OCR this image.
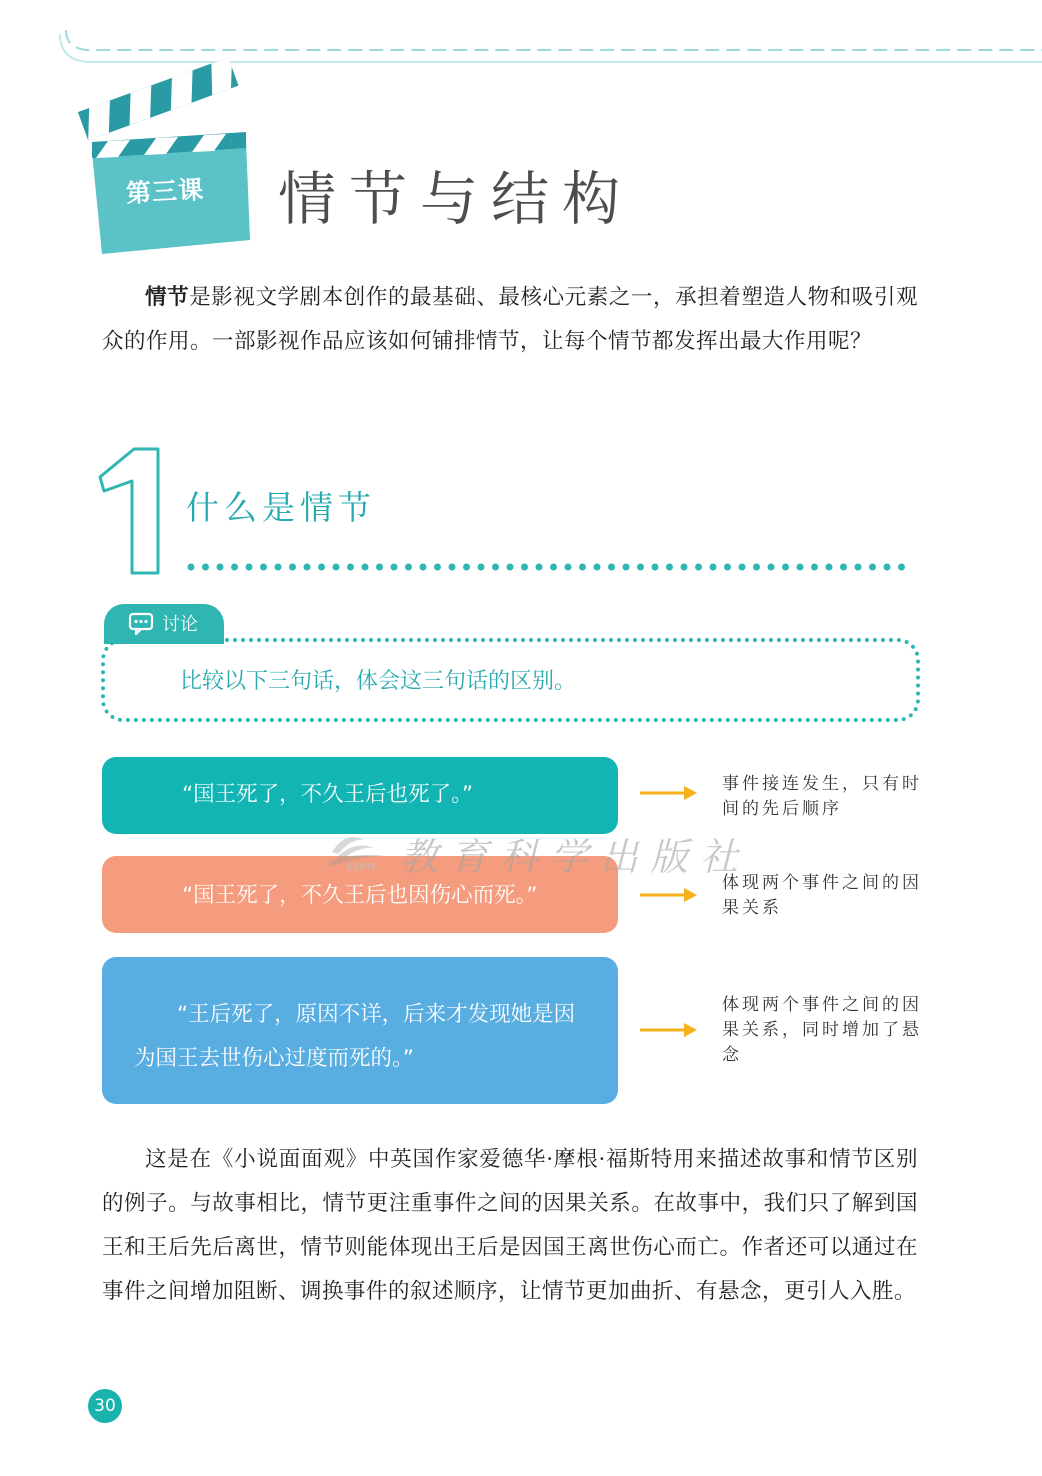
第三课	情节与结构

情节是影视文学剧本创作的最基础、最核心元素之一，承担着塑造人物和吸引观众的作用。一部影视作品应该如何铺排情节，让每个情节都发挥出最大作用呢？

1
什么是情节
讨论
比较以下三句话，体会这三句话的区别。
“国王死了，不久王后也死了。”
“国王死了，不久王后也因伤心而死。”
“王后死了，原因不详，后来才发现她是因为国王去世伤心过度而死的。”
事件接连发生，只有时间的先后顺序
体现两个事件之间的因果关系
体现两个事件之间的因果关系，同时增加了悬念
教育科学出版社
ESPH

这是在《小说面面观》中英国作家爱德华·摩根·福斯特用来描述故事和情节区别的例子。与故事相比，情节更注重事件之间的因果关系。在故事中，我们只了解到国王和王后先后离世，情节则能体现出王后是因国王离世伤心而亡。作者还可以通过在事件之间增加阻断、调换事件的叙述顺序，让情节更加曲折、有悬念，更引人入胜。

30
